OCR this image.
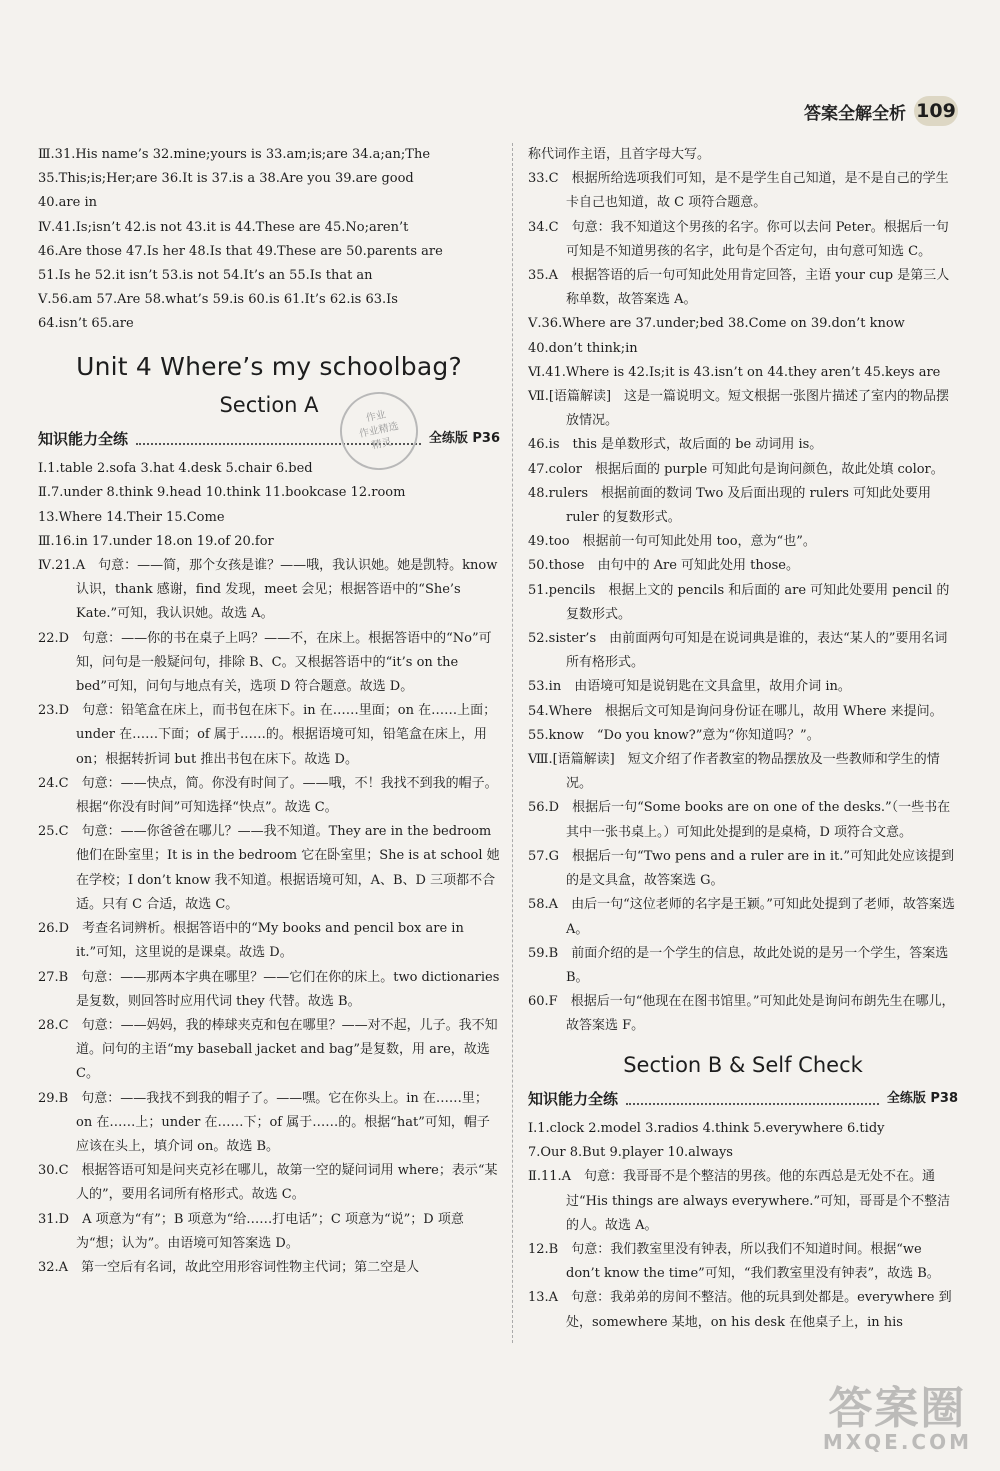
答案全解全析 109
Ⅲ.31.His name’s 32.mine;yours is 33.am;is;are 34.a;an;The
35.This;is;Her;are 36.It is 37.is a 38.Are you 39.are good
40.are in
Ⅳ.41.Is;isn’t 42.is not 43.it is 44.These are 45.No;aren’t
46.Are those 47.Is her 48.Is that 49.These are 50.parents are
51.Is he 52.it isn’t 53.is not 54.It’s an 55.Is that an
Ⅴ.56.am 57.Are 58.what’s 59.is 60.is 61.It’s 62.is 63.Is
64.isn’t 65.are
Unit 4 Where’s my schoolbag?
Section A
知识能力全练	全练版 P36
Ⅰ.1.table 2.sofa 3.hat 4.desk 5.chair 6.bed
Ⅱ.7.under 8.think 9.head 10.think 11.bookcase 12.room
13.Where 14.Their 15.Come
Ⅲ.16.in 17.under 18.on 19.of 20.for
Ⅳ.21.A　句意：——简，那个女孩是谁？——哦，我认识她。她是凯特。know 认识，thank 感谢，find 发现，meet 会见；根据答语中的“She’s Kate.”可知，我认识她。故选 A。
22.D　句意：——你的书在桌子上吗？——不，在床上。根据答语中的“No”可知，问句是一般疑问句，排除 B、C。又根据答语中的“it’s on the bed”可知，问句与地点有关，选项 D 符合题意。故选 D。
23.D　句意：铅笔盒在床上，而书包在床下。in 在……里面；on 在……上面；under 在……下面；of 属于……的。根据语境可知，铅笔盒在床上，用 on；根据转折词 but 推出书包在床下。故选 D。
24.C　句意：——快点，简。你没有时间了。——哦，不！我找不到我的帽子。根据“你没有时间”可知选择“快点”。故选 C。
25.C　句意：——你爸爸在哪儿？——我不知道。They are in the bedroom 他们在卧室里；It is in the bedroom 它在卧室里；She is at school 她在学校；I don’t know 我不知道。根据语境可知，A、B、D 三项都不合适。只有 C 合适，故选 C。
26.D　考查名词辨析。根据答语中的“My books and pencil box are in it.”可知，这里说的是课桌。故选 D。
27.B　句意：——那两本字典在哪里？——它们在你的床上。two dictionaries 是复数，则回答时应用代词 they 代替。故选 B。
28.C　句意：——妈妈，我的棒球夹克和包在哪里？——对不起，儿子。我不知道。问句的主语“my baseball jacket and bag”是复数，用 are，故选 C。
29.B　句意：——我找不到我的帽子了。——嘿。它在你头上。in 在……里；on 在……上；under 在……下；of 属于……的。根据“hat”可知，帽子应该在头上，填介词 on。故选 B。
30.C　根据答语可知是问夹克衫在哪儿，故第一空的疑问词用 where；表示“某人的”，要用名词所有格形式。故选 C。
31.D　A 项意为“有”；B 项意为“给……打电话”；C 项意为“说”；D 项意为“想；认为”。由语境可知答案选 D。
32.A　第一空后有名词，故此空用形容词性物主代词；第二空是人
作业
作业精选
精灵
称代词作主语，且首字母大写。
33.C　根据所给选项我们可知，是不是学生自己知道，是不是自己的学生卡自己也知道，故 C 项符合题意。
34.C　句意：我不知道这个男孩的名字。你可以去问 Peter。根据后一句可知是不知道男孩的名字，此句是个否定句，由句意可知选 C。
35.A　根据答语的后一句可知此处用肯定回答，主语 your cup 是第三人称单数，故答案选 A。
Ⅴ.36.Where are 37.under;bed 38.Come on 39.don’t know
40.don’t think;in
Ⅵ.41.Where is 42.Is;it is 43.isn’t on 44.they aren’t 45.keys are
Ⅶ.[语篇解读]　这是一篇说明文。短文根据一张图片描述了室内的物品摆放情况。
46.is　this 是单数形式，故后面的 be 动词用 is。
47.color　根据后面的 purple 可知此句是询问颜色，故此处填 color。
48.rulers　根据前面的数词 Two 及后面出现的 rulers 可知此处要用 ruler 的复数形式。
49.too　根据前一句可知此处用 too，意为“也”。
50.those　由句中的 Are 可知此处用 those。
51.pencils　根据上文的 pencils 和后面的 are 可知此处要用 pencil 的复数形式。
52.sister’s　由前面两句可知是在说词典是谁的，表达“某人的”要用名词所有格形式。
53.in　由语境可知是说钥匙在文具盒里，故用介词 in。
54.Where　根据后文可知是询问身份证在哪儿，故用 Where 来提问。
55.know　“Do you know?”意为“你知道吗？”。
Ⅷ.[语篇解读]　短文介绍了作者教室的物品摆放及一些教师和学生的情况。
56.D　根据后一句“Some books are on one of the desks.”（一些书在其中一张书桌上。）可知此处提到的是桌椅，D 项符合文意。
57.G　根据后一句“Two pens and a ruler are in it.”可知此处应该提到的是文具盒，故答案选 G。
58.A　由后一句“这位老师的名字是王颖。”可知此处提到了老师，故答案选 A。
59.B　前面介绍的是一个学生的信息，故此处说的是另一个学生，答案选 B。
60.F　根据后一句“他现在在图书馆里。”可知此处是询问布朗先生在哪儿，故答案选 F。
Section B & Self Check
知识能力全练	全练版 P38
Ⅰ.1.clock 2.model 3.radios 4.think 5.everywhere 6.tidy
7.Our 8.But 9.player 10.always
Ⅱ.11.A　句意：我哥哥不是个整洁的男孩。他的东西总是无处不在。通过“His things are always everywhere.”可知，哥哥是个不整洁的人。故选 A。
12.B　句意：我们教室里没有钟表，所以我们不知道时间。根据“we don’t know the time”可知，“我们教室里没有钟表”，故选 B。
13.A　句意：我弟弟的房间不整洁。他的玩具到处都是。everywhere 到处，somewhere 某地，on his desk 在他桌子上，in his
答案圈
MXQE.COM
